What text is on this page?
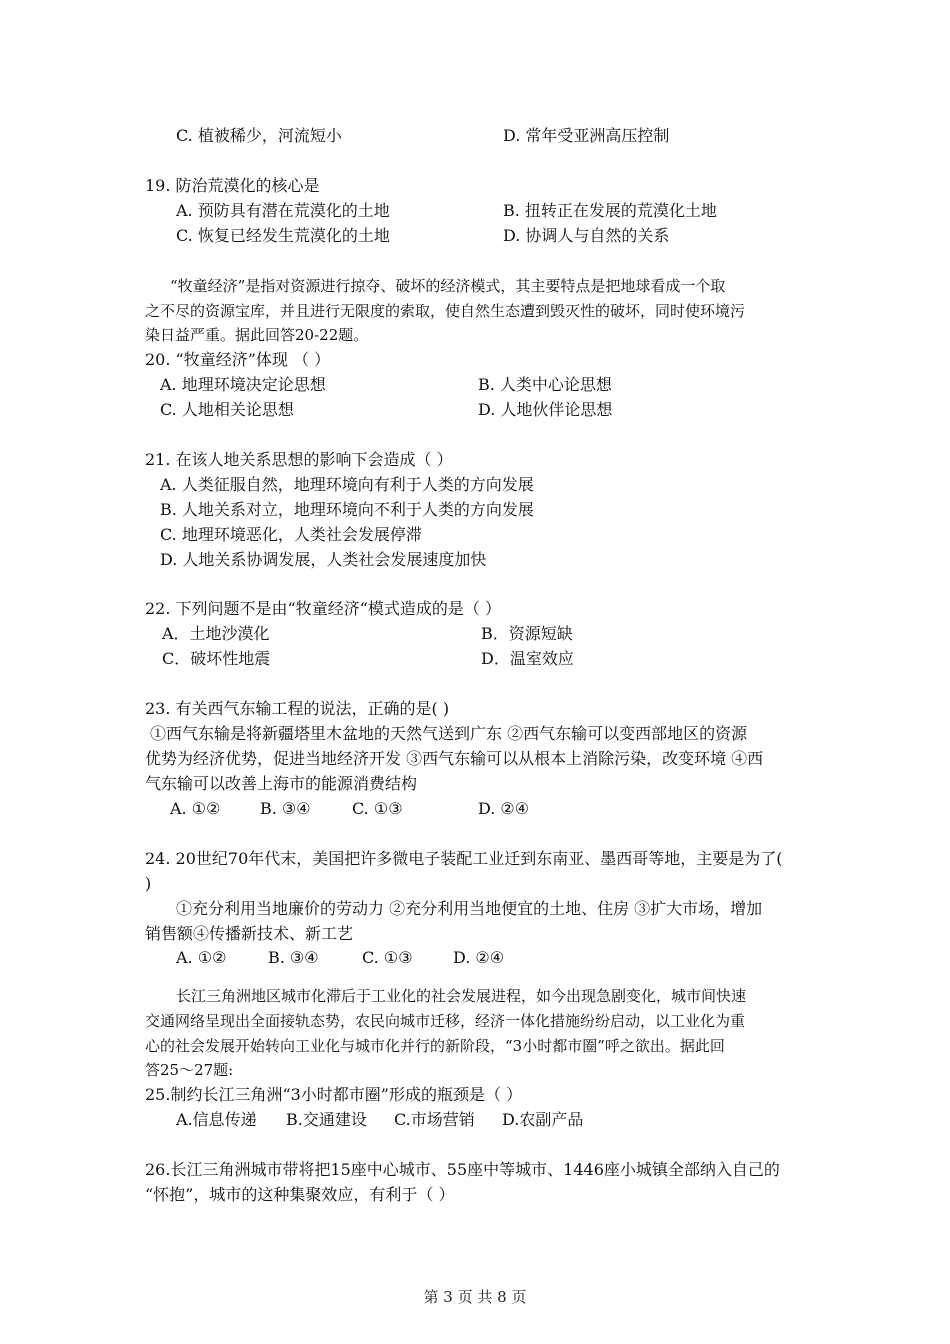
C. 植被稀少，河流短小	D. 常年受亚洲高压控制
19. 防治荒漠化的核心是
A. 预防具有潜在荒漠化的土地	B. 扭转正在发展的荒漠化土地
C. 恢复已经发生荒漠化的土地	D. 协调人与自然的关系
“牧童经济”是指对资源进行掠夺、破坏的经济模式，其主要特点是把地球看成一个取
之不尽的资源宝库，并且进行无限度的索取，使自然生态遭到毁灭性的破坏，同时使环境污
染日益严重。据此回答20-22题。
20. “牧童经济”体现 （ ）
A. 地理环境决定论思想	B. 人类中心论思想
C. 人地相关论思想	D. 人地伙伴论思想
21. 在该人地关系思想的影响下会造成（ ）
A. 人类征服自然，地理环境向有利于人类的方向发展
B. 人地关系对立，地理环境向不利于人类的方向发展
C. 地理环境恶化，人类社会发展停滞
D. 人地关系协调发展，人类社会发展速度加快
22. 下列问题不是由“牧童经济“模式造成的是（ ）
A．土地沙漠化	B．资源短缺
C．破坏性地震	D．温室效应
23. 有关西气东输工程的说法，正确的是( )
①西气东输是将新疆塔里木盆地的天然气送到广东 ②西气东输可以变西部地区的资源
优势为经济优势，促进当地经济开发 ③西气东输可以从根本上消除污染，改变环境 ④西
气东输可以改善上海市的能源消费结构
A. ①② B. ③④	C. ①③	D. ②④
24. 20世纪70年代末，美国把许多微电子装配工业迁到东南亚、墨西哥等地，主要是为了(
)
①充分利用当地廉价的劳动力 ②充分利用当地便宜的土地、住房 ③扩大市场，增加
销售额④传播新技术、新工艺
A. ①②	B. ③④	C. ①③	D. ②④
长江三角洲地区城市化滞后于工业化的社会发展进程，如今出现急剧变化，城市间快速
交通网络呈现出全面接轨态势，农民向城市迁移，经济一体化措施纷纷启动，以工业化为重
心的社会发展开始转向工业化与城市化并行的新阶段，“3小时都市圈”呼之欲出。据此回
答25～27题:
25.制约长江三角洲“3小时都市圈”形成的瓶颈是（ ）
A.信息传递 B.交通建设 C.市场营销 D.农副产品
26.长江三角洲城市带将把15座中心城市、55座中等城市、1446座小城镇全部纳入自己的
“怀抱”，城市的这种集聚效应，有利于（ ）
第 3 页 共 8 页
